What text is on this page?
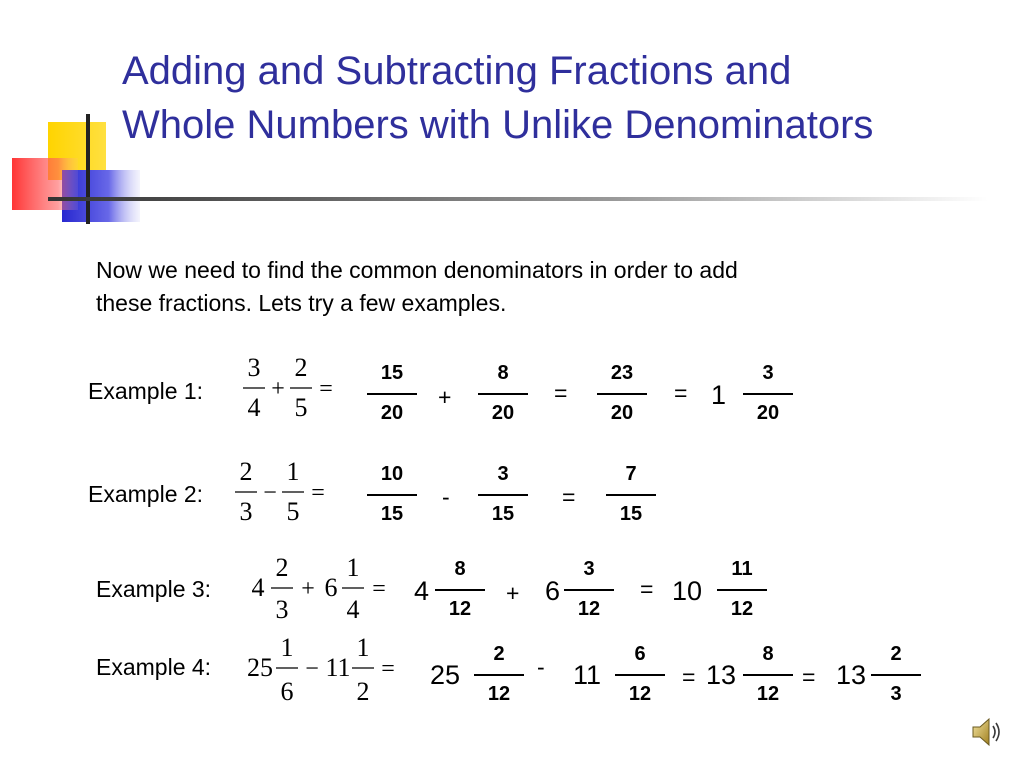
Adding and Subtracting Fractions and
Whole Numbers with Unlike Denominators
Now we need to find the common denominators in order to add
these fractions. Lets try a few examples.
Example 1:
3
4
+
2
5
=
15
20
+
8
20
=
23
20
= 1
3
20
Example 2:
2
3
−
1
5
=
10
15
-
3
15
=
7
15
Example 3: 4
2
3
+ 6
1
4
= 4
8
12
+ 6
3
12
= 10
11
12
Example 4: 25
1
6
− 11
1
2
= 25
2
12
- 11
6
12
= 13
8
12
= 13
2
3
